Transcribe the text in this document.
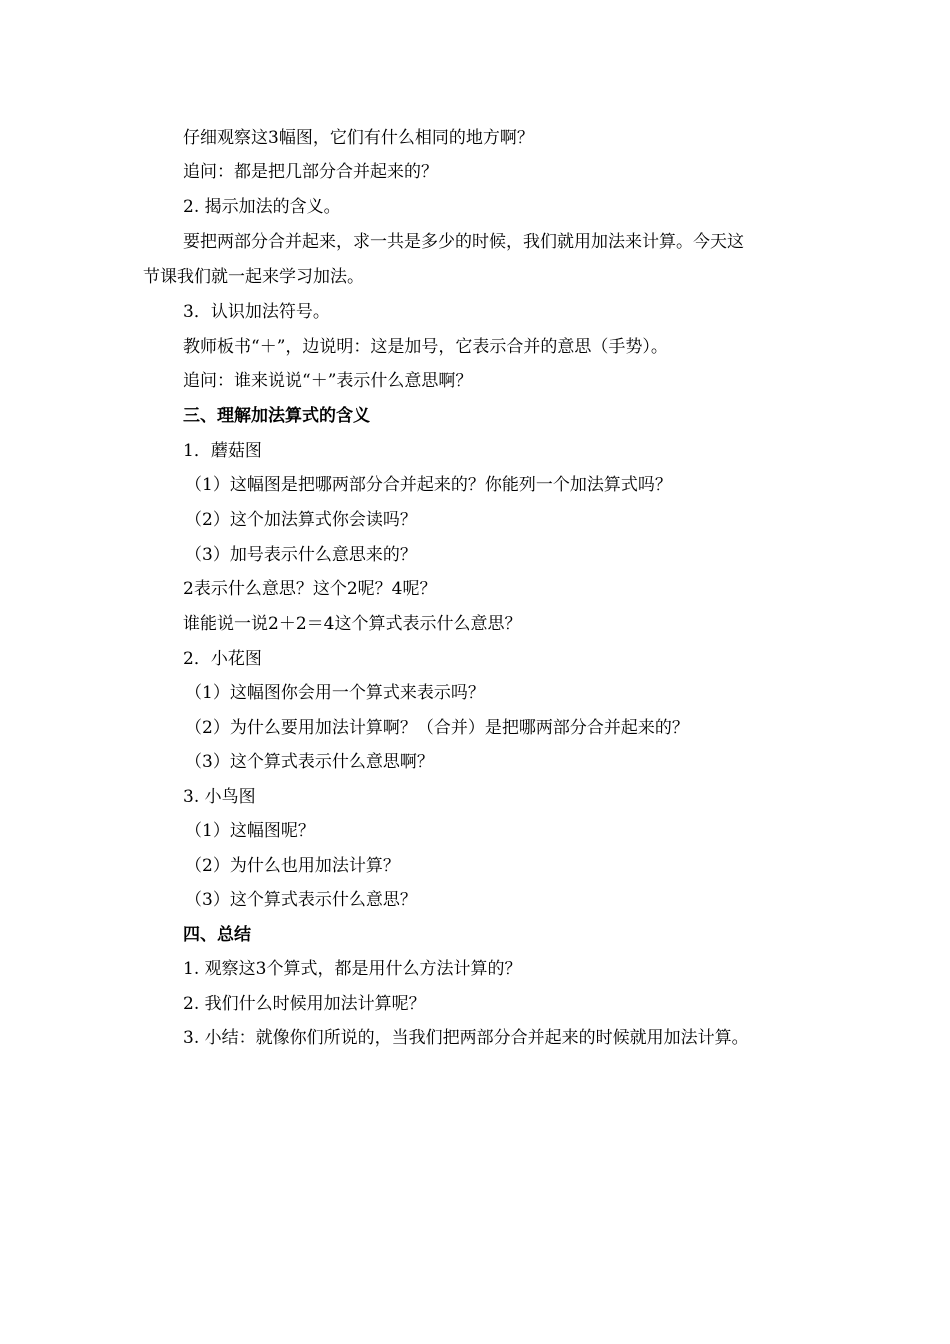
仔细观察这3幅图，它们有什么相同的地方啊？
追问：都是把几部分合并起来的？
2. 揭示加法的含义。
要把两部分合并起来，求一共是多少的时候，我们就用加法来计算。今天这
节课我们就一起来学习加法。
3．认识加法符号。
教师板书“＋”，边说明：这是加号，它表示合并的意思（手势）。
追问：谁来说说“＋”表示什么意思啊？
三、理解加法算式的含义
1．蘑菇图
（1）这幅图是把哪两部分合并起来的？你能列一个加法算式吗？
（2）这个加法算式你会读吗？
（3）加号表示什么意思来的？
2表示什么意思？这个2呢？4呢？
谁能说一说2＋2＝4这个算式表示什么意思？
2．小花图
（1）这幅图你会用一个算式来表示吗？
（2）为什么要用加法计算啊？（合并）是把哪两部分合并起来的？
（3）这个算式表示什么意思啊？
3. 小鸟图
（1）这幅图呢？
（2）为什么也用加法计算？
（3）这个算式表示什么意思？
四、总结
1. 观察这3个算式，都是用什么方法计算的？
2. 我们什么时候用加法计算呢？
3. 小结：就像你们所说的，当我们把两部分合并起来的时候就用加法计算。
